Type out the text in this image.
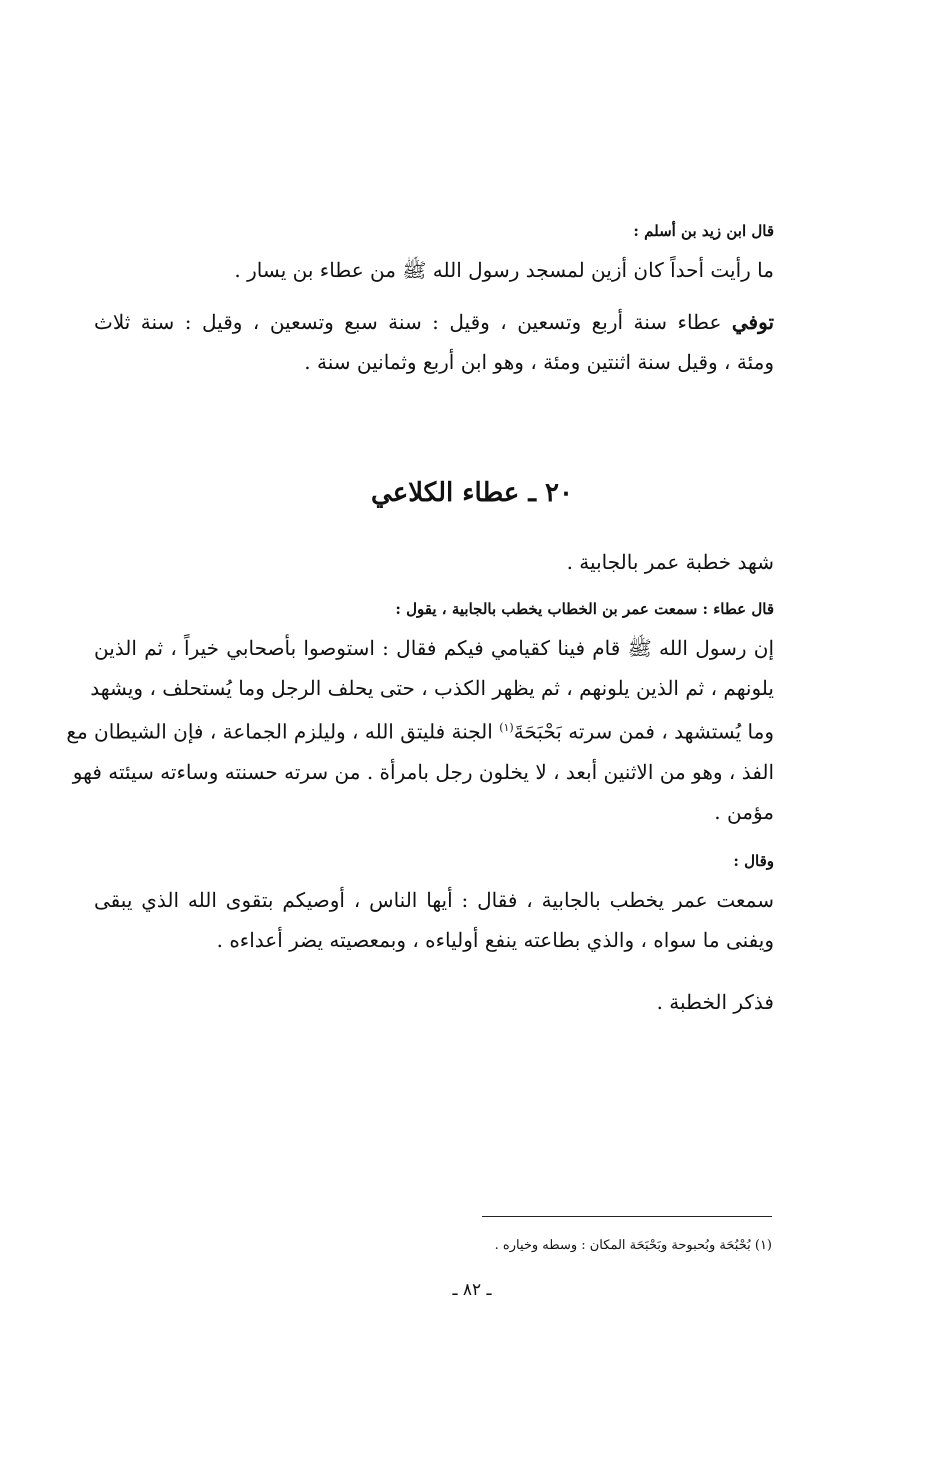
قال ابن زيد بن أسلم :
ما رأيت أحداً كان أزين لمسجد رسول الله ﷺ من عطاء بن يسار .
توفي عطاء سنة أربع وتسعين ، وقيل : سنة سبع وتسعين ، وقيل : سنة ثلاث
ومئة ، وقيل سنة اثنتين ومئة ، وهو ابن أربع وثمانين سنة .
٢٠ ـ عطاء الكلاعي
شهد خطبة عمر بالجابية .
قال عطاء : سمعت عمر بن الخطاب يخطب بالجابية ، يقول :
إن رسول الله ﷺ قام فينا كقيامي فيكم فقال : استوصوا بأصحابي خيراً ، ثم الذين
يلونهم ، ثم الذين يلونهم ، ثم يظهر الكذب ، حتى يحلف الرجل وما يُستحلف ، ويشهد
وما يُستشهد ، فمن سرته بَحْبَحَةَ$^{(١)}$ الجنة فليتق الله ، وليلزم الجماعة ، فإن الشيطان مع
الفذ ، وهو من الاثنين أبعد ، لا يخلون رجل بامرأة . من سرته حسنته وساءته سيئته فهو
مؤمن .
وقال :
سمعت عمر يخطب بالجابية ، فقال : أيها الناس ، أوصيكم بتقوى الله الذي يبقى
ويفنى ما سواه ، والذي بطاعته ينفع أولياءه ، وبمعصيته يضر أعداءه .
فذكر الخطبة .
(١) بُحْبُحَة وبُحبوحة وبَحْبَحَة المكان : وسطه وخياره .
ـ ٨٢ ـ
